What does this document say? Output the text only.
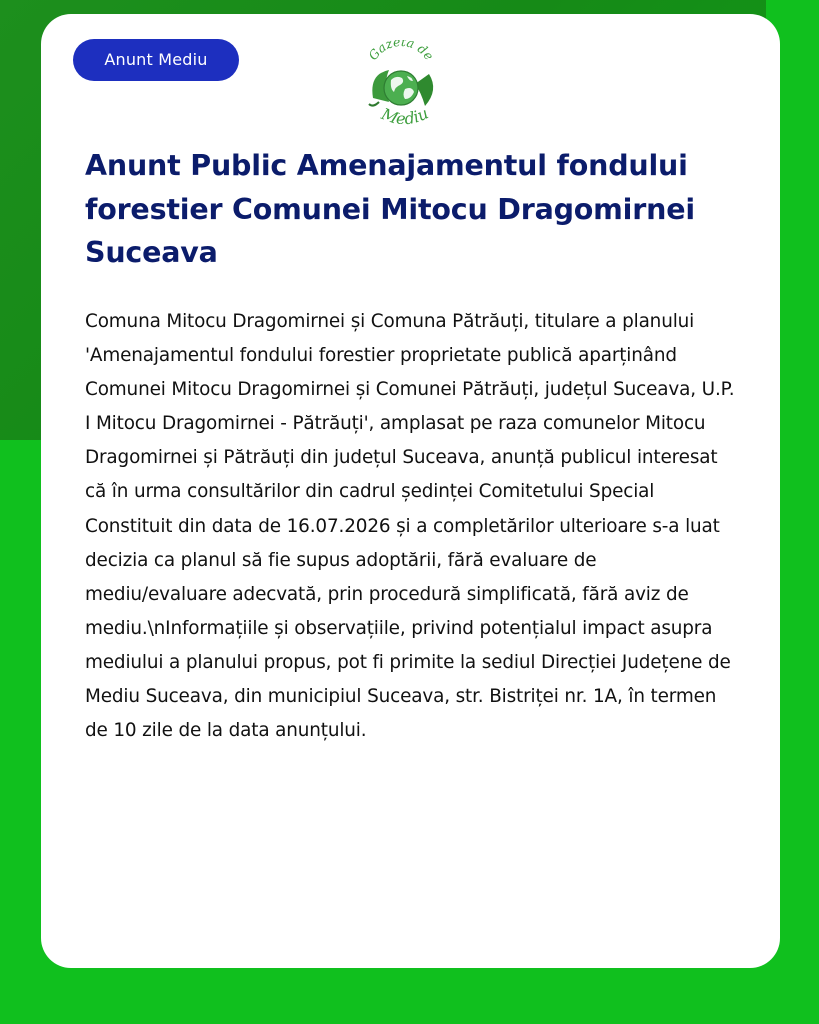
Anunt Mediu	Gazeta de
Mediu
Anunt Public Amenajamentul fondului forestier Comunei Mitocu Dragomirnei Suceava

Comuna Mitocu Dragomirnei și Comuna Pătrăuți, titulare a planului 'Amenajamentul fondului forestier proprietate publică aparținând Comunei Mitocu Dragomirnei și Comunei Pătrăuți, județul Suceava, U.P. I Mitocu Dragomirnei - Pătrăuți', amplasat pe raza comunelor Mitocu Dragomirnei și Pătrăuți din județul Suceava, anunță publicul interesat că în urma consultărilor din cadrul ședinței Comitetului Special Constituit din data de 16.07.2026 și a completărilor ulterioare s-a luat decizia ca planul să fie supus adoptării, fără evaluare de mediu/evaluare adecvată, prin procedură simplificată, fără aviz de mediu.\nInformațiile și observațiile, privind potențialul impact asupra mediului a planului propus, pot fi primite la sediul Direcției Județene de Mediu Suceava, din municipiul Suceava, str. Bistriței nr. 1A, în termen de 10 zile de la data anunțului.
